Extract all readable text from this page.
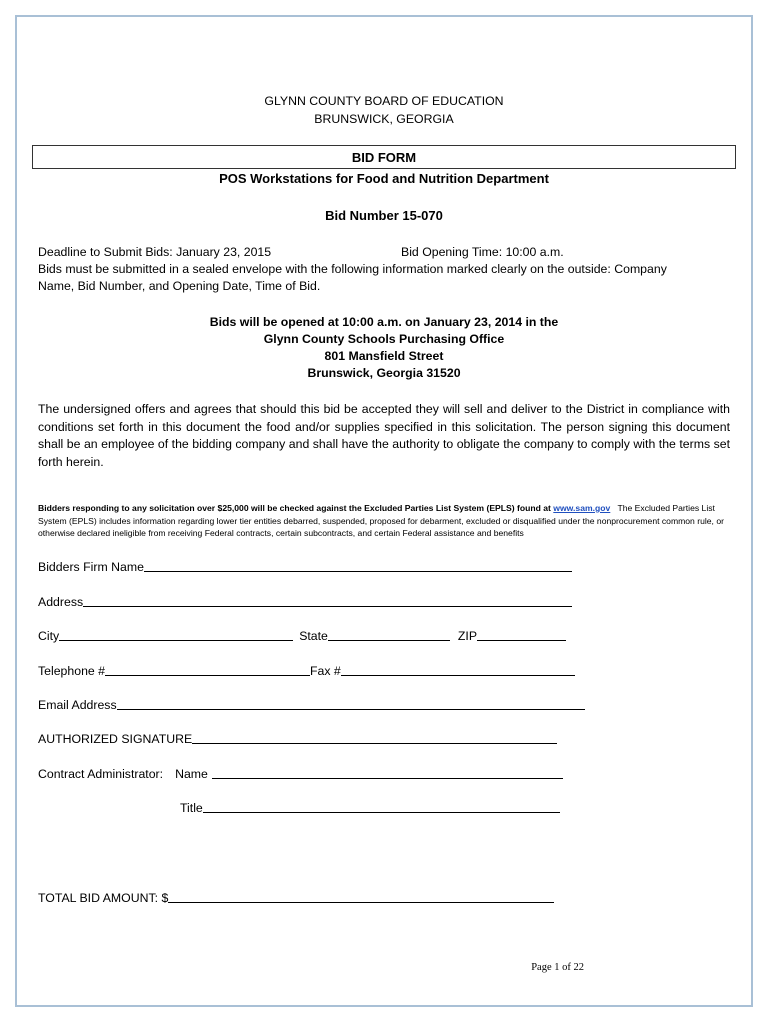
GLYNN COUNTY BOARD OF EDUCATION
BRUNSWICK, GEORGIA
BID FORM
POS Workstations for Food and Nutrition Department
Bid Number 15-070
Deadline to Submit Bids: January 23, 2015	Bid Opening Time: 10:00 a.m.
Bids must be submitted in a sealed envelope with the following information marked clearly on the outside: Company
Name, Bid Number, and Opening Date, Time of Bid.
Bids will be opened at 10:00 a.m. on January 23, 2014 in the
Glynn County Schools Purchasing Office
801 Mansfield Street
Brunswick, Georgia 31520
The undersigned offers and agrees that should this bid be accepted they will sell and deliver to the District in compliance with conditions set forth in this document the food and/or supplies specified in this solicitation. The person signing this document shall be an employee of the bidding company and shall have the authority to obligate the company to comply with the terms set forth herein.
Bidders responding to any solicitation over $25,000 will be checked against the Excluded Parties List System (EPLS) found at www.sam.gov The Excluded Parties List System (EPLS) includes information regarding lower tier entities debarred, suspended, proposed for debarment, excluded or disqualified under the nonprocurement common rule, or otherwise declared ineligible from receiving Federal contracts, certain subcontracts, and certain Federal assistance and benefits
Bidders Firm Name
Address
City	State	ZIP
Telephone #	Fax #
Email Address
AUTHORIZED SIGNATURE
Contract Administrator: Name
Title
TOTAL BID AMOUNT: $
Page 1 of 22
